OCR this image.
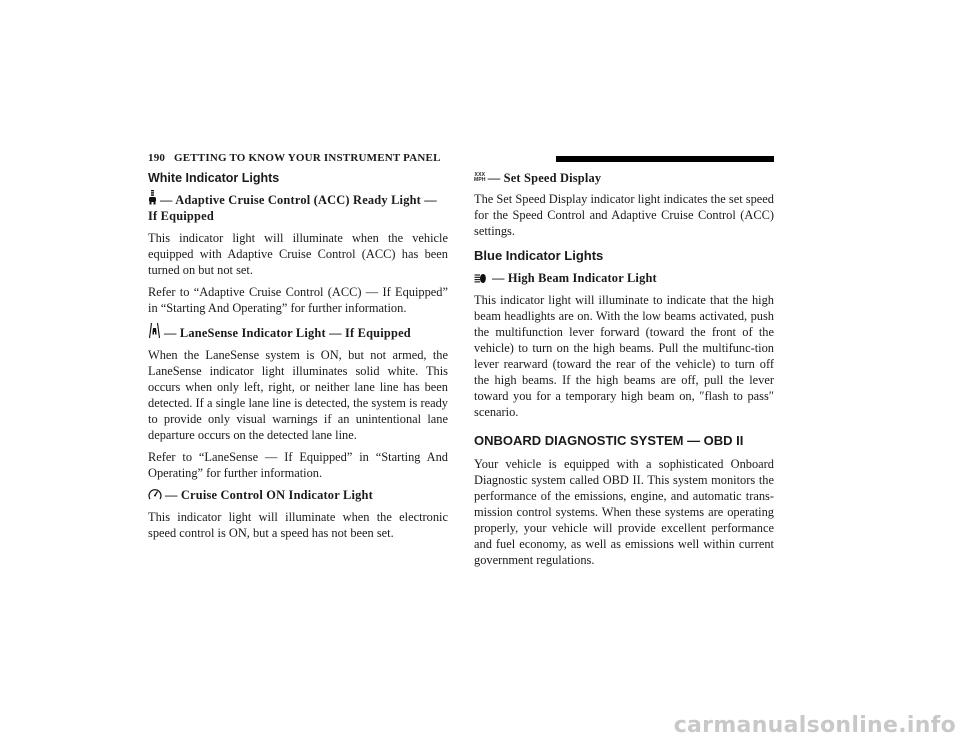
190 GETTING TO KNOW YOUR INSTRUMENT PANEL
White Indicator Lights
— Adaptive Cruise Control (ACC) Ready Light —
If Equipped

This indicator light will illuminate when the vehicle equipped with Adaptive Cruise Control (ACC) has been turned on but not set.

Refer to “Adaptive Cruise Control (ACC) — If Equipped” in “Starting And Operating” for further information.

— LaneSense Indicator Light — If Equipped

When the LaneSense system is ON, but not armed, the LaneSense indicator light illuminates solid white. This occurs when only left, right, or neither lane line has been detected. If a single lane line is detected, the system is ready to provide only visual warnings if an unintentional lane departure occurs on the detected lane line.

Refer to “LaneSense — If Equipped” in “Starting And Operating” for further information.

— Cruise Control ON Indicator Light

This indicator light will illuminate when the electronic speed control is ON, but a speed has not been set.

XXX
MPH — Set Speed Display

The Set Speed Display indicator light indicates the set speed for the Speed Control and Adaptive Cruise Control (ACC) settings.

Blue Indicator Lights
— High Beam Indicator Light

This indicator light will illuminate to indicate that the high beam headlights are on. With the low beams activated, push the multifunction lever forward (toward the front of the vehicle) to turn on the high beams. Pull the multifunc-tion lever rearward (toward the rear of the vehicle) to turn off the high beams. If the high beams are off, pull the lever toward you for a temporary high beam on, ″flash to pass″ scenario.

ONBOARD DIAGNOSTIC SYSTEM — OBD II

Your vehicle is equipped with a sophisticated Onboard Diagnostic system called OBD II. This system monitors the performance of the emissions, engine, and automatic trans-mission control systems. When these systems are operating properly, your vehicle will provide excellent performance and fuel economy, as well as emissions well within current government regulations.

carmanualsonline.info
